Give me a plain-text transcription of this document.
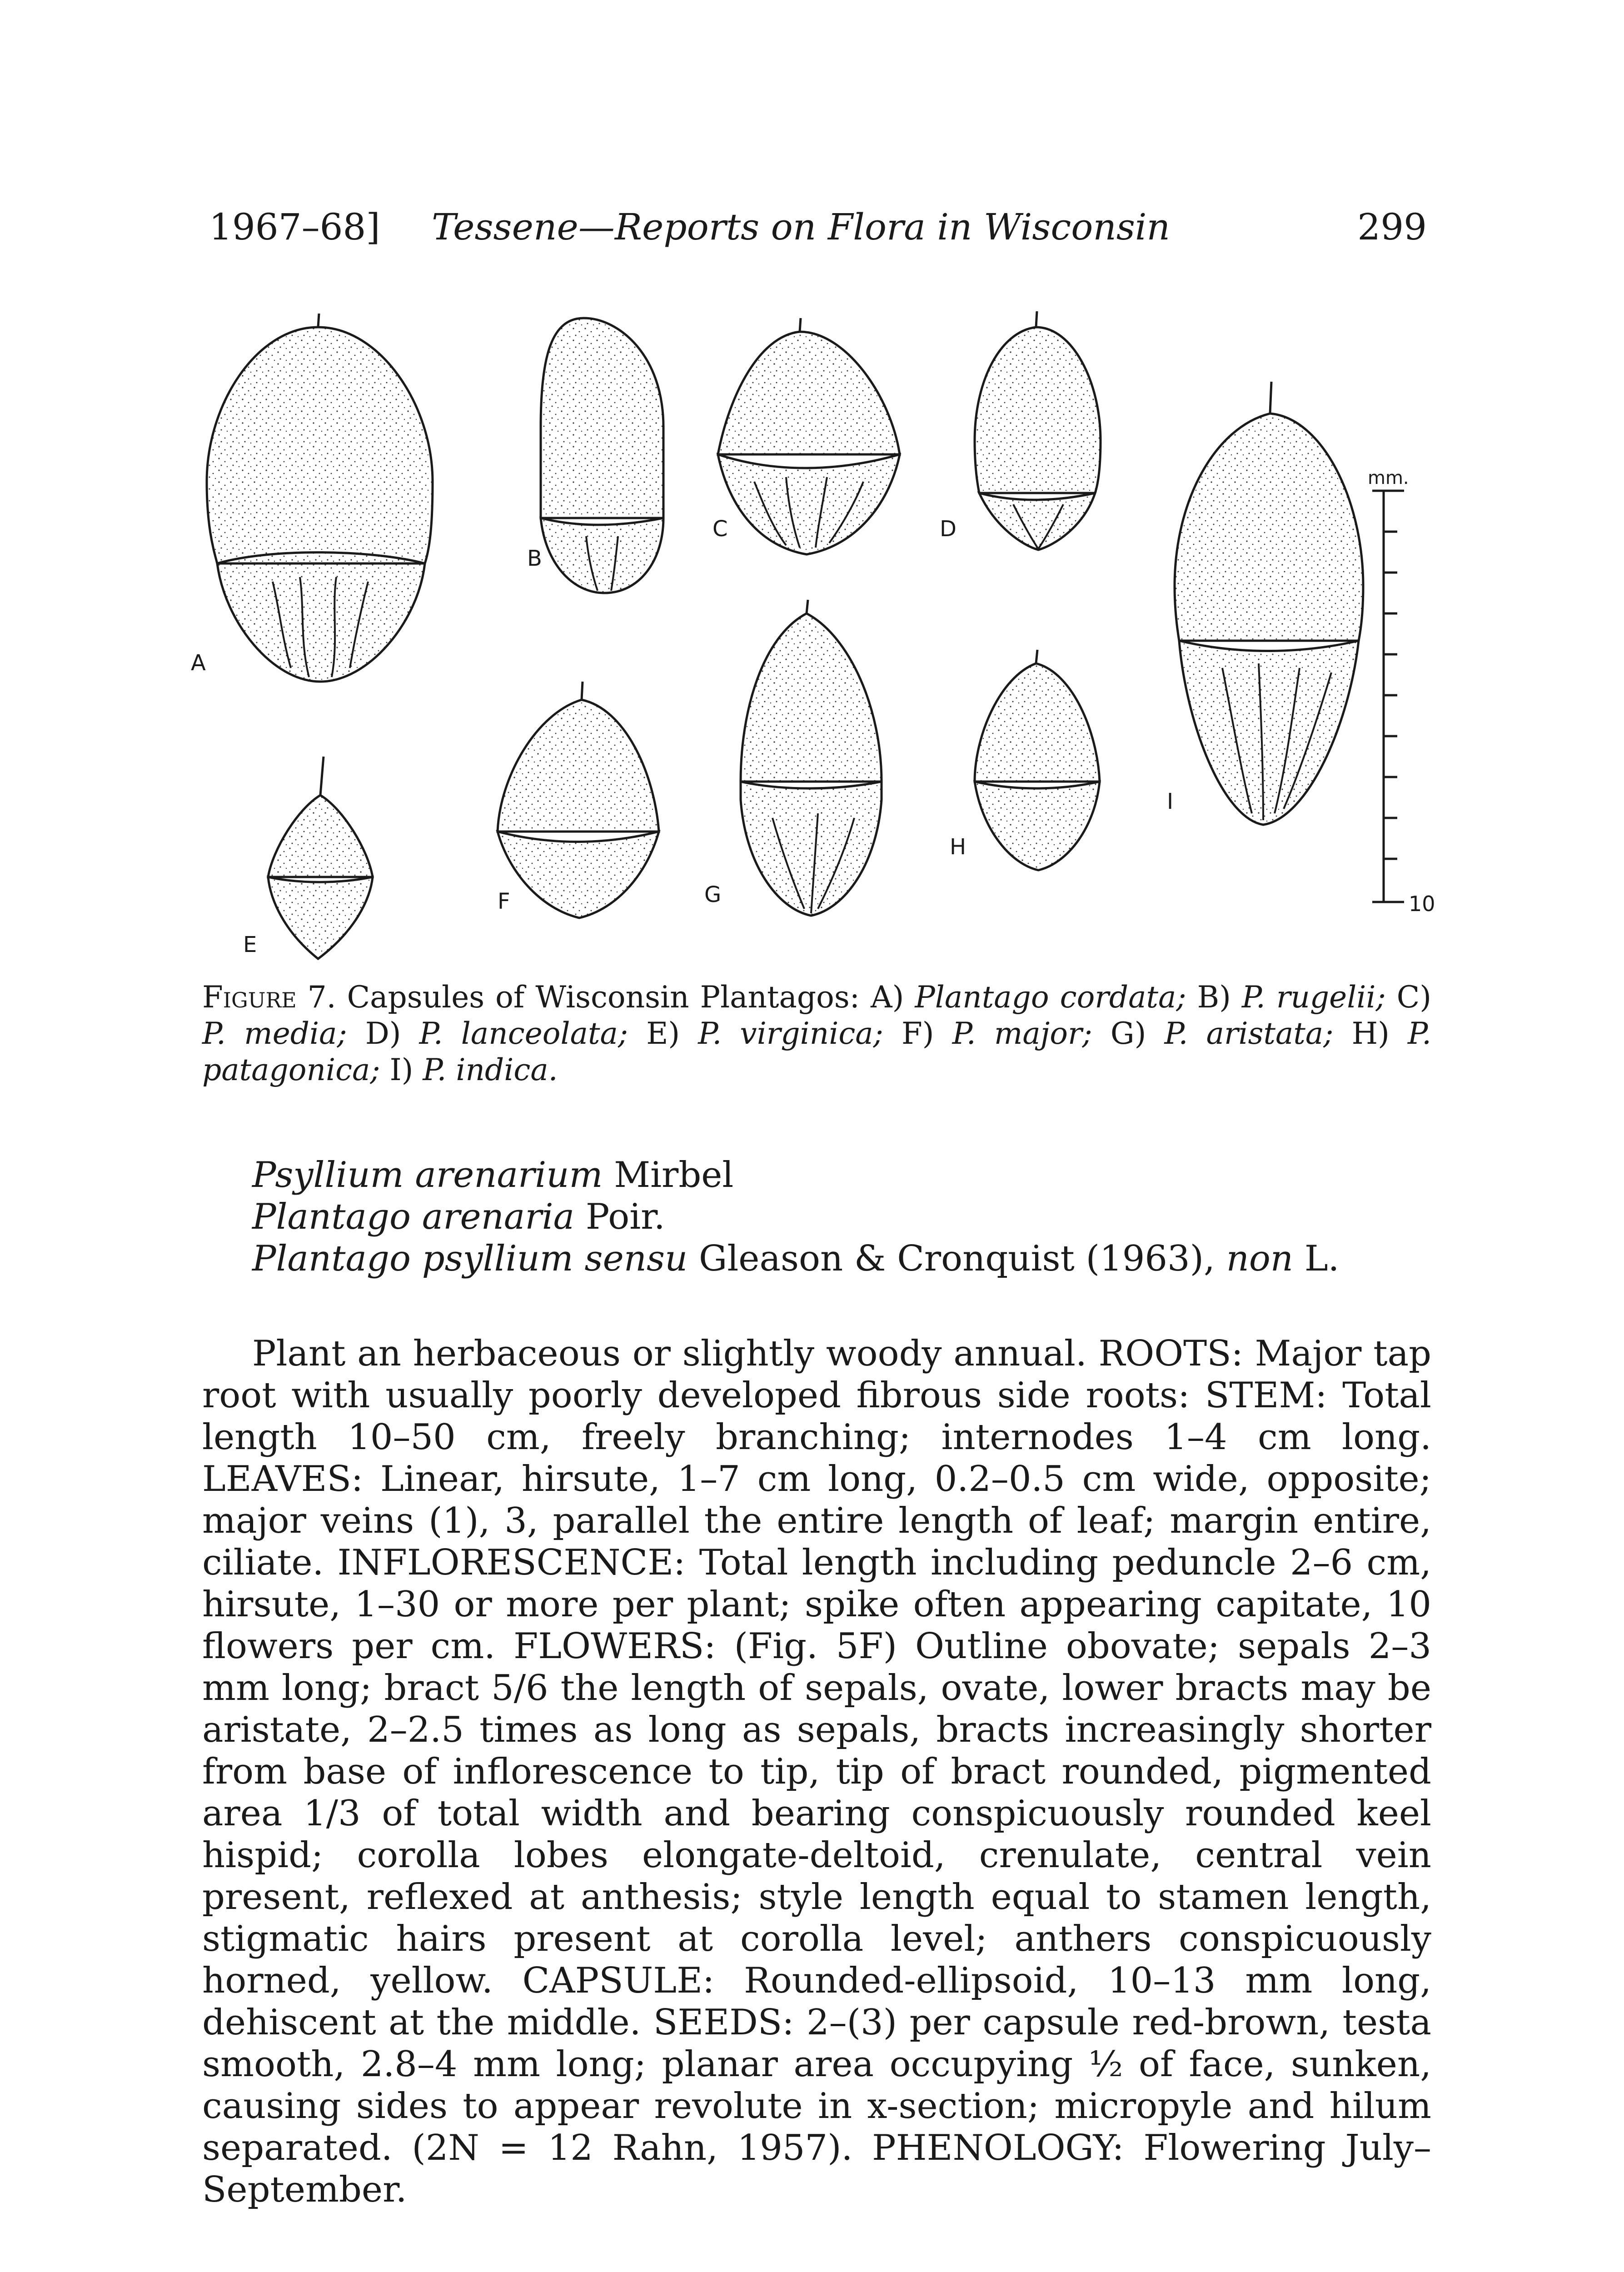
1967–68] Tessene—Reports on Flora in Wisconsin	299
A
B
C	D
I
E
F	G
H
mm.
10
Figure 7. Capsules of Wisconsin Plantagos: A) Plantago cordata; B) P. rugelii; C) P. media; D) P. lanceolata; E) P. virginica; F) P. major; G) P. aristata; H) P. patagonica; I) P. indica.
Psyllium arenarium Mirbel
Plantago arenaria Poir.
Plantago psyllium sensu Gleason & Cronquist (1963), non L.

Plant an herbaceous or slightly woody annual. ROOTS: Major tap root with usually poorly developed fibrous side roots: STEM: Total length 10–50 cm, freely branching; internodes 1–4 cm long. LEAVES: Linear, hirsute, 1–7 cm long, 0.2–0.5 cm wide, opposite; major veins (1), 3, parallel the entire length of leaf; margin entire, ciliate. INFLORESCENCE: Total length including peduncle 2–6 cm, hirsute, 1–30 or more per plant; spike often appearing capitate, 10 flowers per cm. FLOWERS: (Fig. 5F) Outline obovate; sepals 2–3 mm long; bract 5/6 the length of sepals, ovate, lower bracts may be aristate, 2–2.5 times as long as sepals, bracts increasingly shorter from base of inflorescence to tip, tip of bract rounded, pigmented area 1/3 of total width and bearing conspicuously rounded keel hispid; corolla lobes elongate-deltoid, crenulate, central vein present, reflexed at anthesis; style length equal to stamen length, stigmatic hairs present at corolla level; anthers conspicuously horned, yellow. CAPSULE: Rounded-ellipsoid, 10–13 mm long, dehiscent at the middle. SEEDS: 2–(3) per capsule red-brown, testa smooth, 2.8–4 mm long; planar area occupying ½ of face, sunken, causing sides to appear revolute in x-section; micropyle and hilum separated. (2N = 12 Rahn, 1957). PHENOLOGY: Flowering July–September.
